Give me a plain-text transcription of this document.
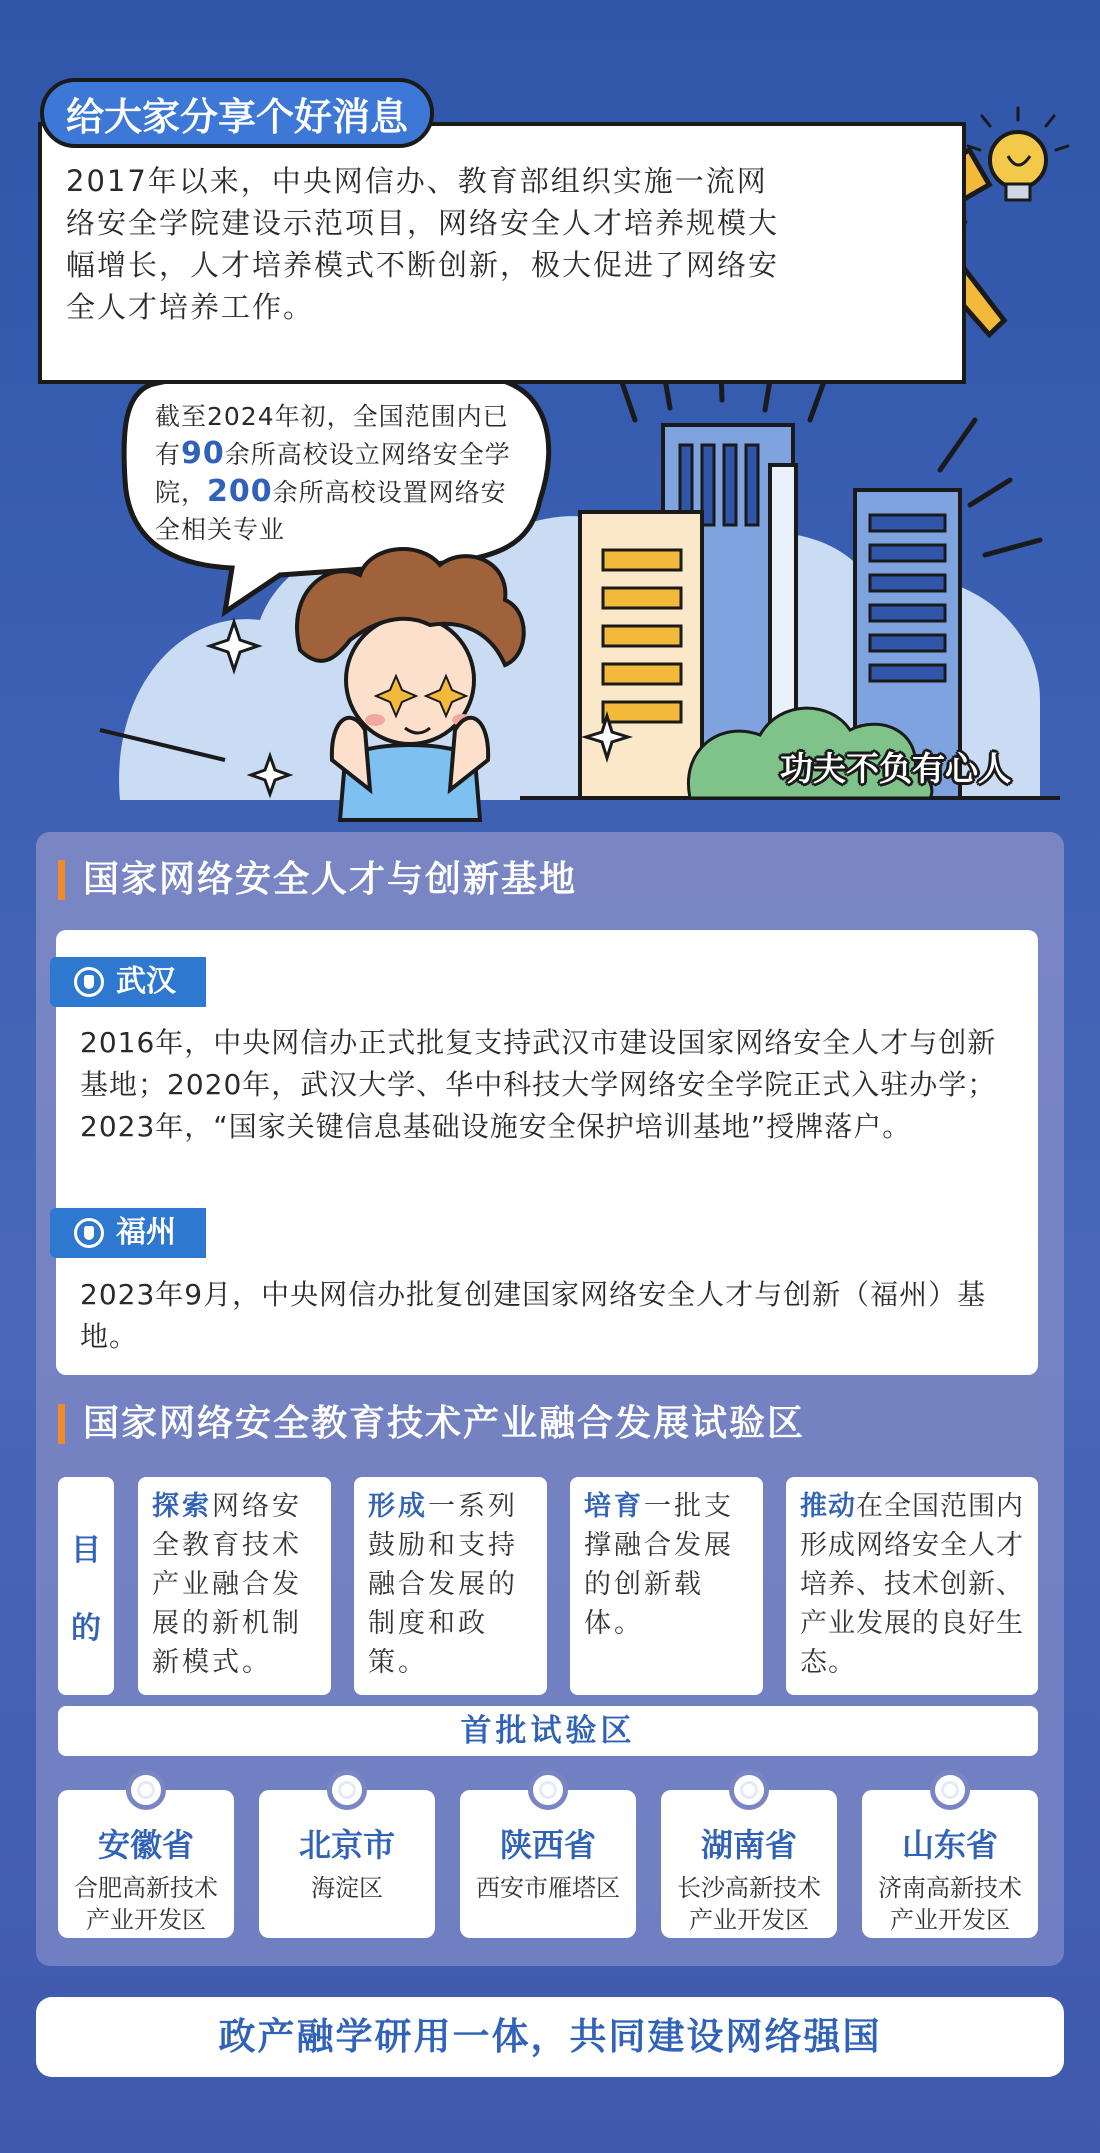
给大家分享个好消息
2017年以来，中央网信办、教育部组织实施一流网络安全学院建设示范项目，网络安全人才培养规模大幅增长，人才培养模式不断创新，极大促进了网络安全人才培养工作。
截至2024年初，全国范围内已有90余所高校设立网络安全学院，200余所高校设置网络安全相关专业
功夫不负有心人
国家网络安全人才与创新基地
武汉
2016年，中央网信办正式批复支持武汉市建设国家网络安全人才与创新基地；2020年，武汉大学、华中科技大学网络安全学院正式入驻办学；2023年，“国家关键信息基础设施安全保护培训基地”授牌落户。
福州
2023年9月，中央网信办批复创建国家网络安全人才与创新（福州）基地。
国家网络安全教育技术产业融合发展试验区
目
的
探索网络安全教育技术产业融合发展的新机制新模式。
形成一系列鼓励和支持融合发展的制度和政策。
培育一批支撑融合发展的创新载体。
推动在全国范围内形成网络安全人才培养、技术创新、产业发展的良好生态。
首批试验区
安徽省
合肥高新技术产业开发区
北京市
海淀区
陕西省
西安市雁塔区
湖南省
长沙高新技术产业开发区
山东省
济南高新技术产业开发区
政产融学研用一体，共同建设网络强国
